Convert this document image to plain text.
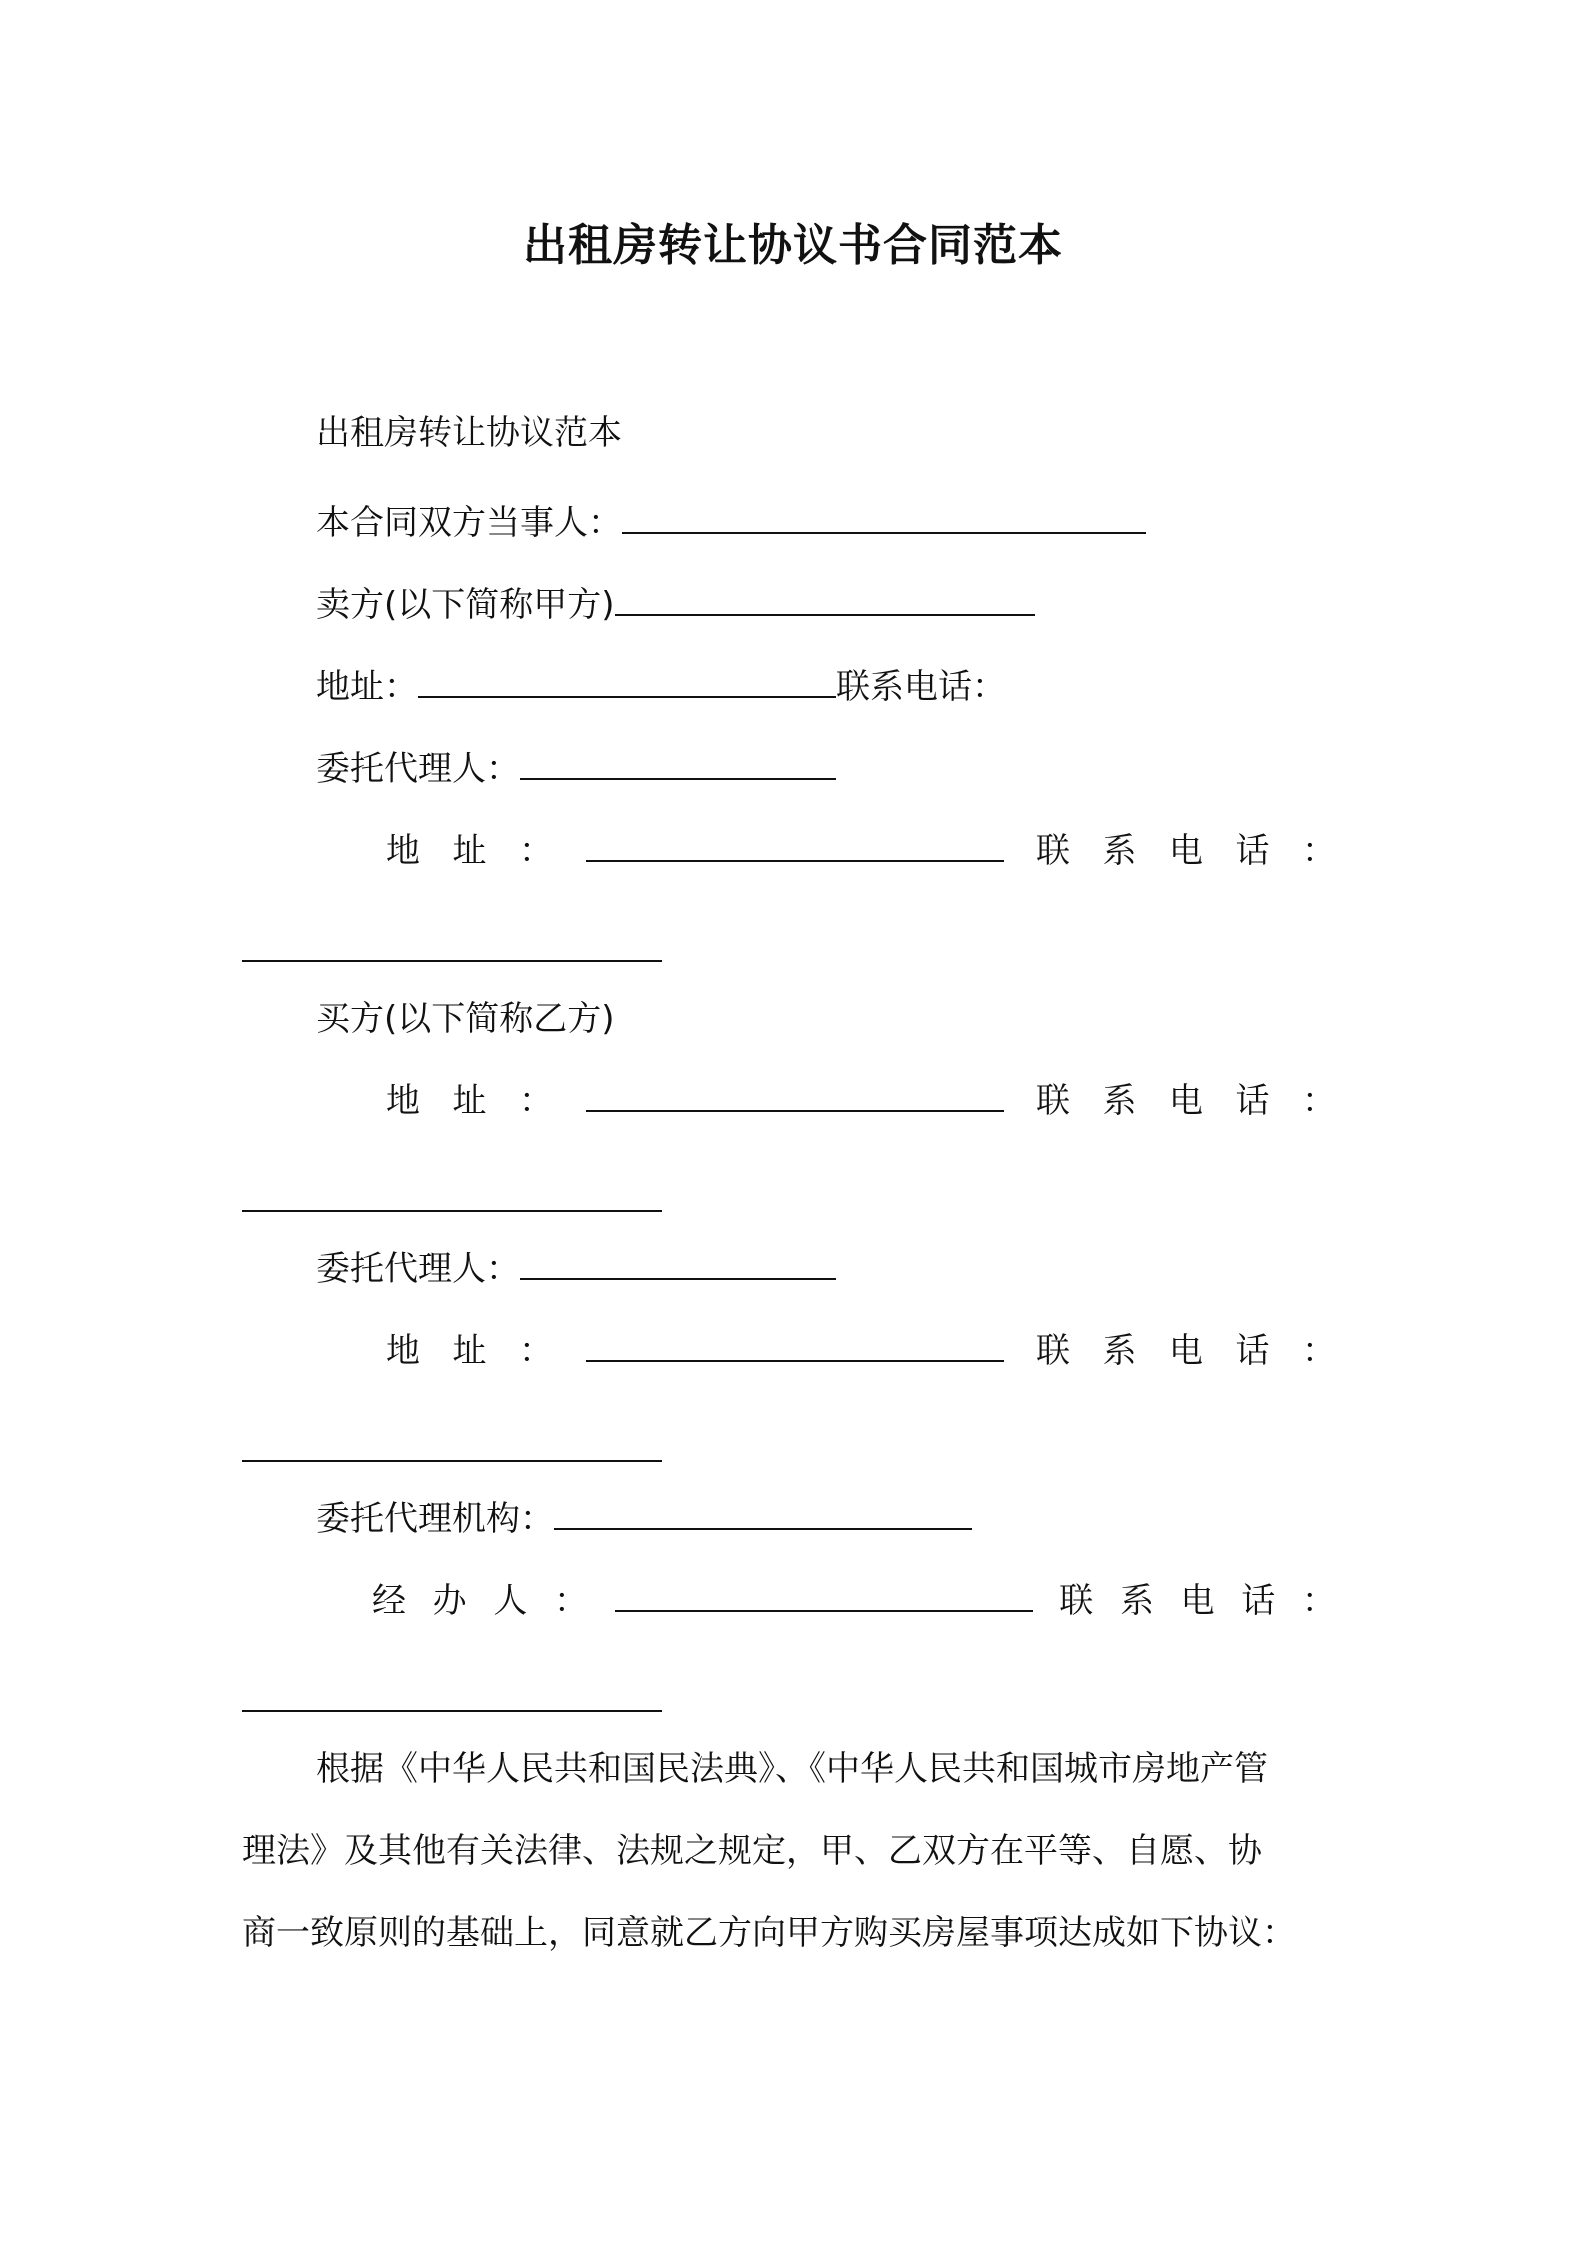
出租房转让协议书合同范本
出租房转让协议范本
本合同双方当事人：
卖方(以下简称甲方)
地址：	联系电话：
委托代理人：
地 址 ：	联 系 电 话 ：
买方(以下简称乙方)
地 址 ：	联 系 电 话 ：
委托代理人：
地 址 ：	联 系 电 话 ：
委托代理机构：
经 办 人 ：	联 系 电 话 ：
根据《中华人民共和国民法典》、《中华人民共和国城市房地产管
理法》及其他有关法律、法规之规定，甲、乙双方在平等、自愿、协
商一致原则的基础上，同意就乙方向甲方购买房屋事项达成如下协议：
